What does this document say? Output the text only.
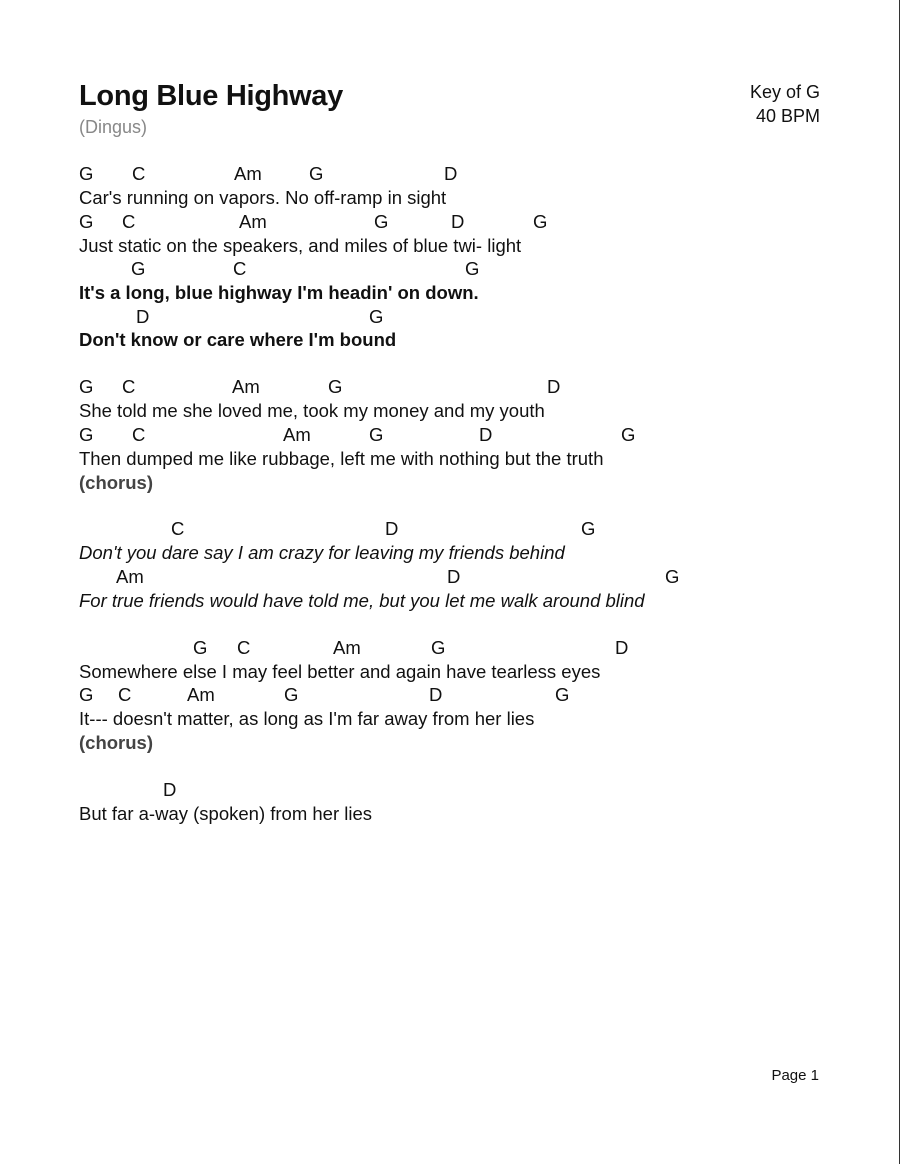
Long Blue Highway
(Dingus)
Key of G
40 BPM
G C	Am	G	D
Car's running on vapors. No off-ramp in sight
G C	Am	G	D	G
Just static on the speakers, and miles of blue twi- light
G	C	G
It's a long, blue highway I'm headin' on down.
D	G
Don't know or care where I'm bound
G C	Am	G	D
She told me she loved me, took my money and my youth
G C	Am	G	D	G
Then dumped me like rubbage, left me with nothing but the truth
(chorus)
C	D	G
Don't you dare say I am crazy for leaving my friends behind
Am	D	G
For true friends would have told me, but you let me walk around blind
G C	Am	G	D
Somewhere else I may feel better and again have tearless eyes
G C	Am	G	D	G
It--- doesn't matter, as long as I'm far away from her lies
(chorus)
D
But far a-way (spoken) from her lies
Page 1
